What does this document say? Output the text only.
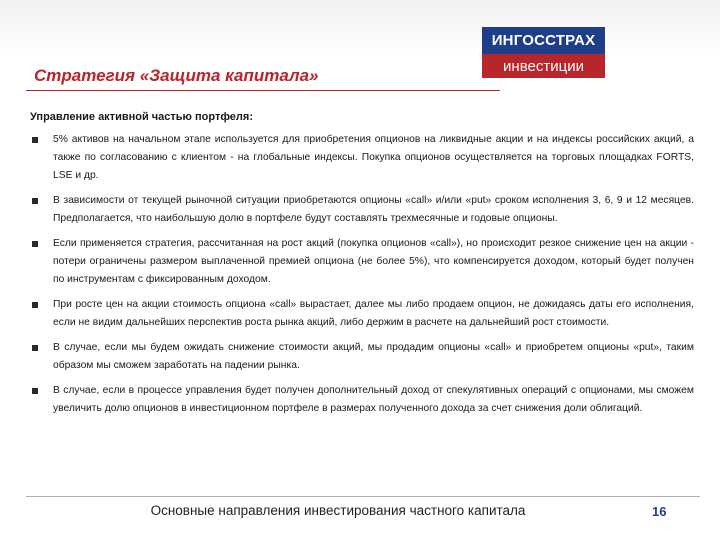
Стратегия «Защита капитала»
ИНГОССТРАХ
инвестиции
Управление активной частью портфеля:
5% активов на начальном этапе используется для приобретения опционов на ликвидные акции и на индексы российских акций, а также по согласованию с клиентом - на глобальные индексы. Покупка опционов осуществляется на торговых площадках FORTS, LSE и др.
В зависимости от текущей рыночной ситуации приобретаются опционы «call» и/или «put» сроком исполнения 3, 6, 9 и 12 месяцев. Предполагается, что наибольшую долю в портфеле будут составлять трехмесячные и годовые опционы.
Если применяется стратегия, рассчитанная на рост акций (покупка опционов «call»), но происходит резкое снижение цен на акции - потери ограничены размером выплаченной премией опциона (не более 5%), что компенсируется доходом, который будет получен по инструментам с фиксированным доходом.
При росте цен на акции стоимость опциона «call» вырастает, далее мы либо продаем опцион, не дожидаясь даты его исполнения, если не видим дальнейших перспектив роста рынка акций, либо держим в расчете на дальнейший рост стоимости.
В случае, если мы будем ожидать снижение стоимости акций, мы продадим опционы «call» и приобретем опционы «put», таким образом мы сможем заработать на падении рынка.
В случае, если в процессе управления будет получен дополнительный доход от спекулятивных операций с опционами, мы сможем увеличить долю опционов в инвестиционном портфеле в размерах полученного дохода за счет снижения доли облигаций.
Основные направления инвестирования частного капитала	16
